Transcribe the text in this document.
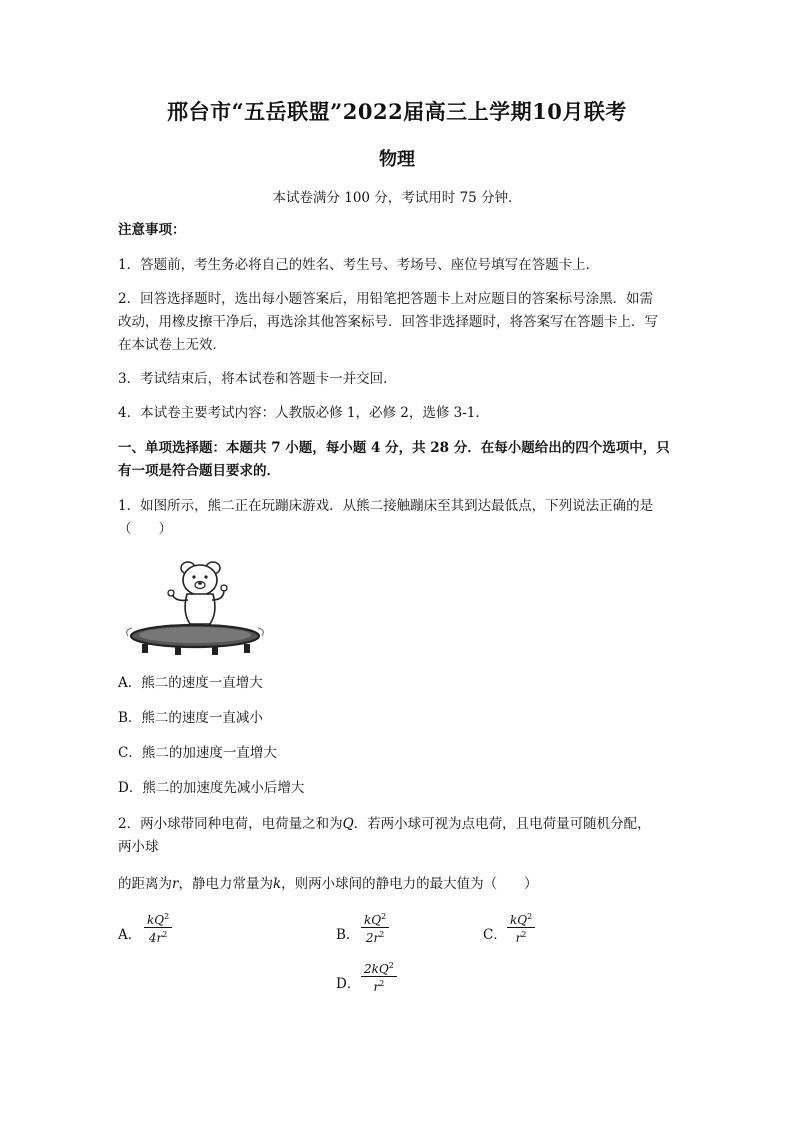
邢台市“五岳联盟”2022届高三上学期10月联考

物理

本试卷满分 100 分，考试用时 75 分钟．

注意事项：

1．答题前，考生务必将自己的姓名、考生号、考场号、座位号填写在答题卡上．

2．回答选择题时，选出每小题答案后，用铅笔把答题卡上对应题目的答案标号涂黑．如需

改动，用橡皮擦干净后，再选涂其他答案标号．回答非选择题时，将答案写在答题卡上．写

在本试卷上无效．

3．考试结束后，将本试卷和答题卡一并交回．

4．本试卷主要考试内容：人教版必修 1，必修 2，选修 3-1．

一、单项选择题：本题共 7 小题，每小题 4 分，共 28 分．在每小题给出的四个选项中，只

有一项是符合题目要求的．

1．如图所示，熊二正在玩蹦床游戏．从熊二接触蹦床至其到达最低点，下列说法正确的是

（　　）

A．熊二的速度一直增大

B．熊二的速度一直减小

C．熊二的加速度一直增大

D．熊二的加速度先减小后增大

2．两小球带同种电荷，电荷量之和为Q．若两小球可视为点电荷，且电荷量可随机分配，

两小球

的距离为r，静电力常量为k，则两小球间的静电力的最大值为（　　）

A． $\frac{kQ^2}{4r^2}$	B． $\frac{kQ^2}{2r^2}$	C． $\frac{kQ^2}{r^2}$
D． $\frac{2kQ^2}{r^2}$
